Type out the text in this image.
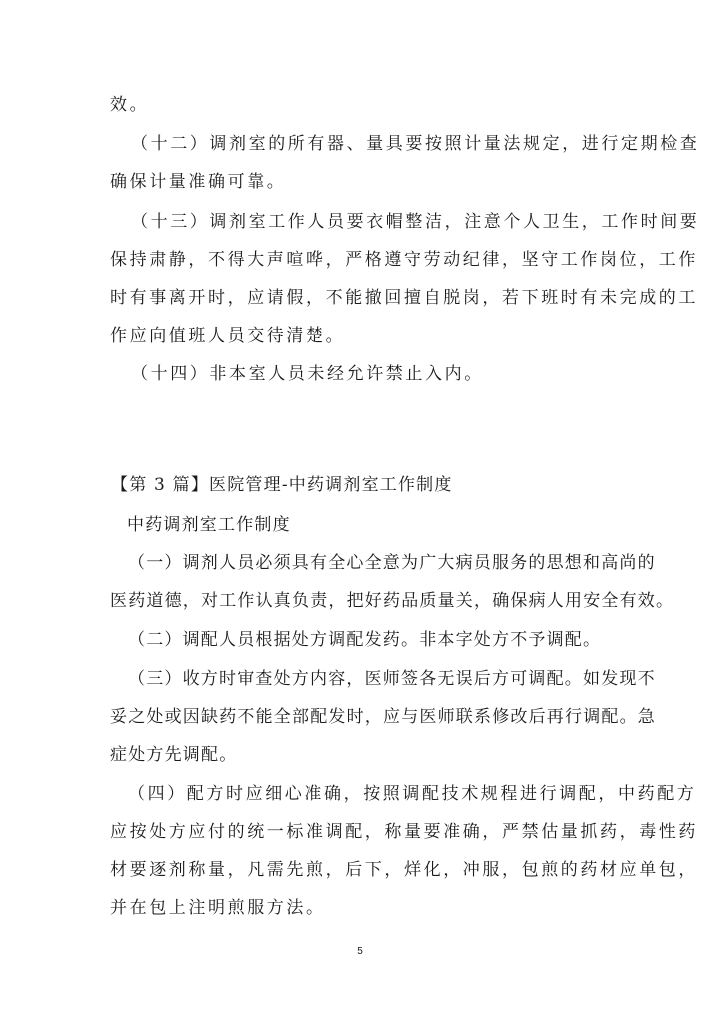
效。
（十二）调剂室的所有器、量具要按照计量法规定，进行定期检查
确保计量准确可靠。
（十三）调剂室工作人员要衣帽整洁，注意个人卫生，工作时间要
保持肃静，不得大声喧哗，严格遵守劳动纪律，坚守工作岗位，工作
时有事离开时，应请假，不能撤回擅自脱岗，若下班时有未完成的工
作应向值班人员交待清楚。
（十四）非本室人员未经允许禁止入内。
【第 3 篇】医院管理-中药调剂室工作制度
中药调剂室工作制度
（一）调剂人员必须具有全心全意为广大病员服务的思想和高尚的
医药道德，对工作认真负责，把好药品质量关，确保病人用安全有效。
（二）调配人员根据处方调配发药。非本字处方不予调配。
（三）收方时审查处方内容，医师签各无误后方可调配。如发现不
妥之处或因缺药不能全部配发时，应与医师联系修改后再行调配。急
症处方先调配。
（四）配方时应细心准确，按照调配技术规程进行调配，中药配方
应按处方应付的统一标准调配，称量要准确，严禁估量抓药，毒性药
材要逐剂称量，凡需先煎，后下，烊化，冲服，包煎的药材应单包，
并在包上注明煎服方法。
5
